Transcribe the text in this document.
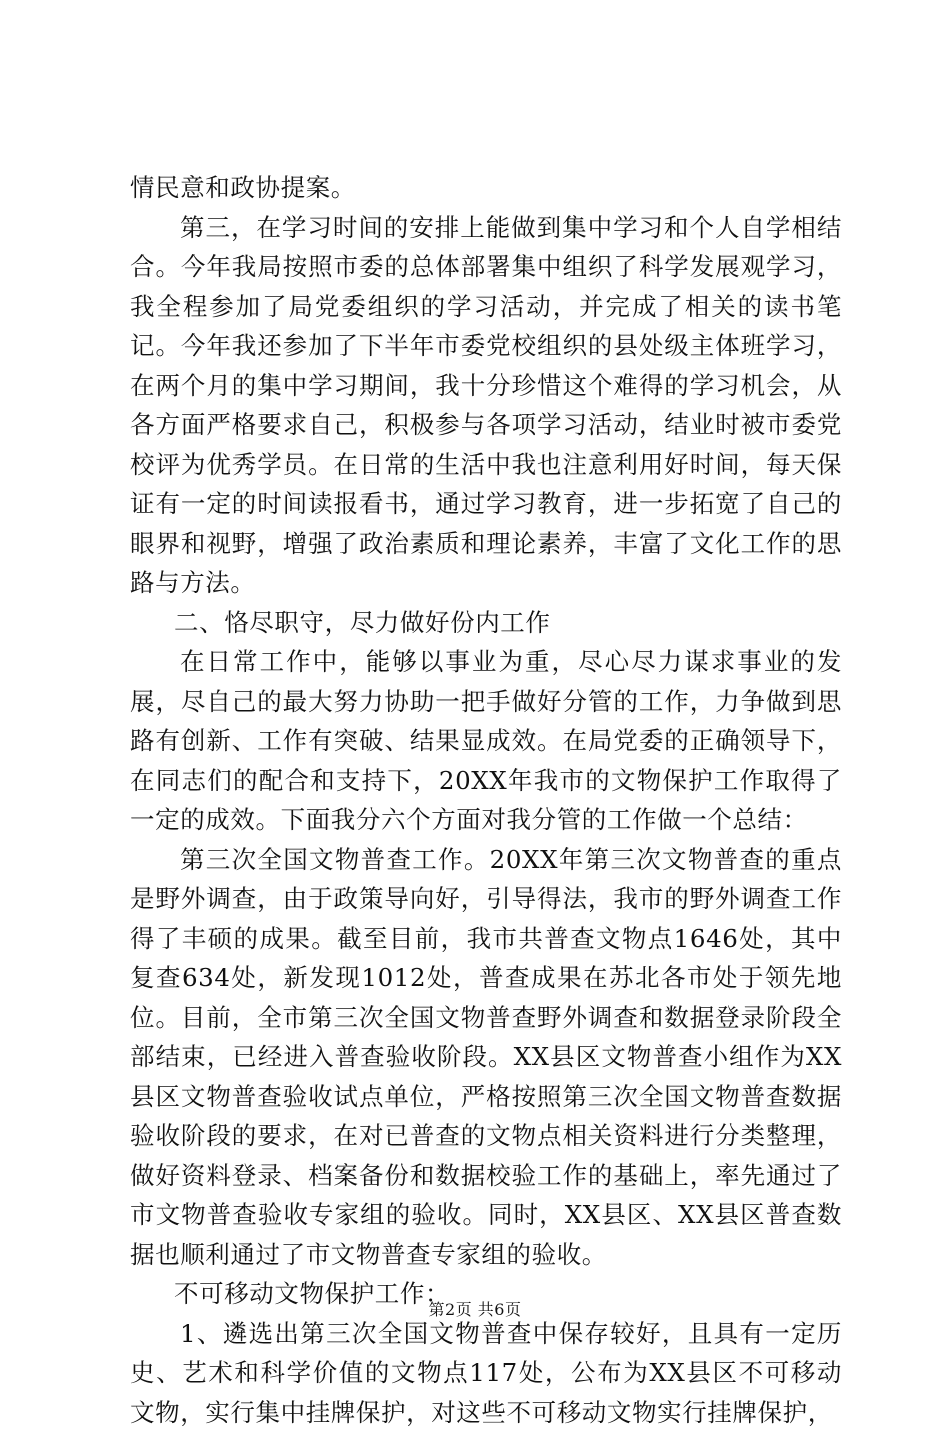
情民意和政协提案。

第三，在学习时间的安排上能做到集中学习和个人自学相结合。今年我局按照市委的总体部署集中组织了科学发展观学习，我全程参加了局党委组织的学习活动，并完成了相关的读书笔记。今年我还参加了下半年市委党校组织的县处级主体班学习，在两个月的集中学习期间，我十分珍惜这个难得的学习机会，从各方面严格要求自己，积极参与各项学习活动，结业时被市委党校评为优秀学员。在日常的生活中我也注意利用好时间，每天保证有一定的时间读报看书，通过学习教育，进一步拓宽了自己的眼界和视野，增强了政治素质和理论素养，丰富了文化工作的思路与方法。

二、恪尽职守，尽力做好份内工作

在日常工作中，能够以事业为重，尽心尽力谋求事业的发展，尽自己的最大努力协助一把手做好分管的工作，力争做到思路有创新、工作有突破、结果显成效。在局党委的正确领导下，在同志们的配合和支持下，20XX年我市的文物保护工作取得了一定的成效。下面我分六个方面对我分管的工作做一个总结：

第三次全国文物普查工作。20XX年第三次文物普查的重点是野外调查，由于政策导向好，引导得法，我市的野外调查工作得了丰硕的成果。截至目前，我市共普查文物点1646处，其中复查634处，新发现1012处，普查成果在苏北各市处于领先地位。目前，全市第三次全国文物普查野外调查和数据登录阶段全部结束，已经进入普查验收阶段。XX县区文物普查小组作为XX县区文物普查验收试点单位，严格按照第三次全国文物普查数据验收阶段的要求，在对已普查的文物点相关资料进行分类整理，做好资料登录、档案备份和数据校验工作的基础上，率先通过了市文物普查验收专家组的验收。同时，XX县区、XX县区普查数据也顺利通过了市文物普查专家组的验收。

不可移动文物保护工作：

1、遴选出第三次全国文物普查中保存较好，且具有一定历史、艺术和科学价值的文物点117处，公布为XX县区不可移动文物，实行集中挂牌保护，对这些不可移动文物实行挂牌保护，

第2页 共6页
